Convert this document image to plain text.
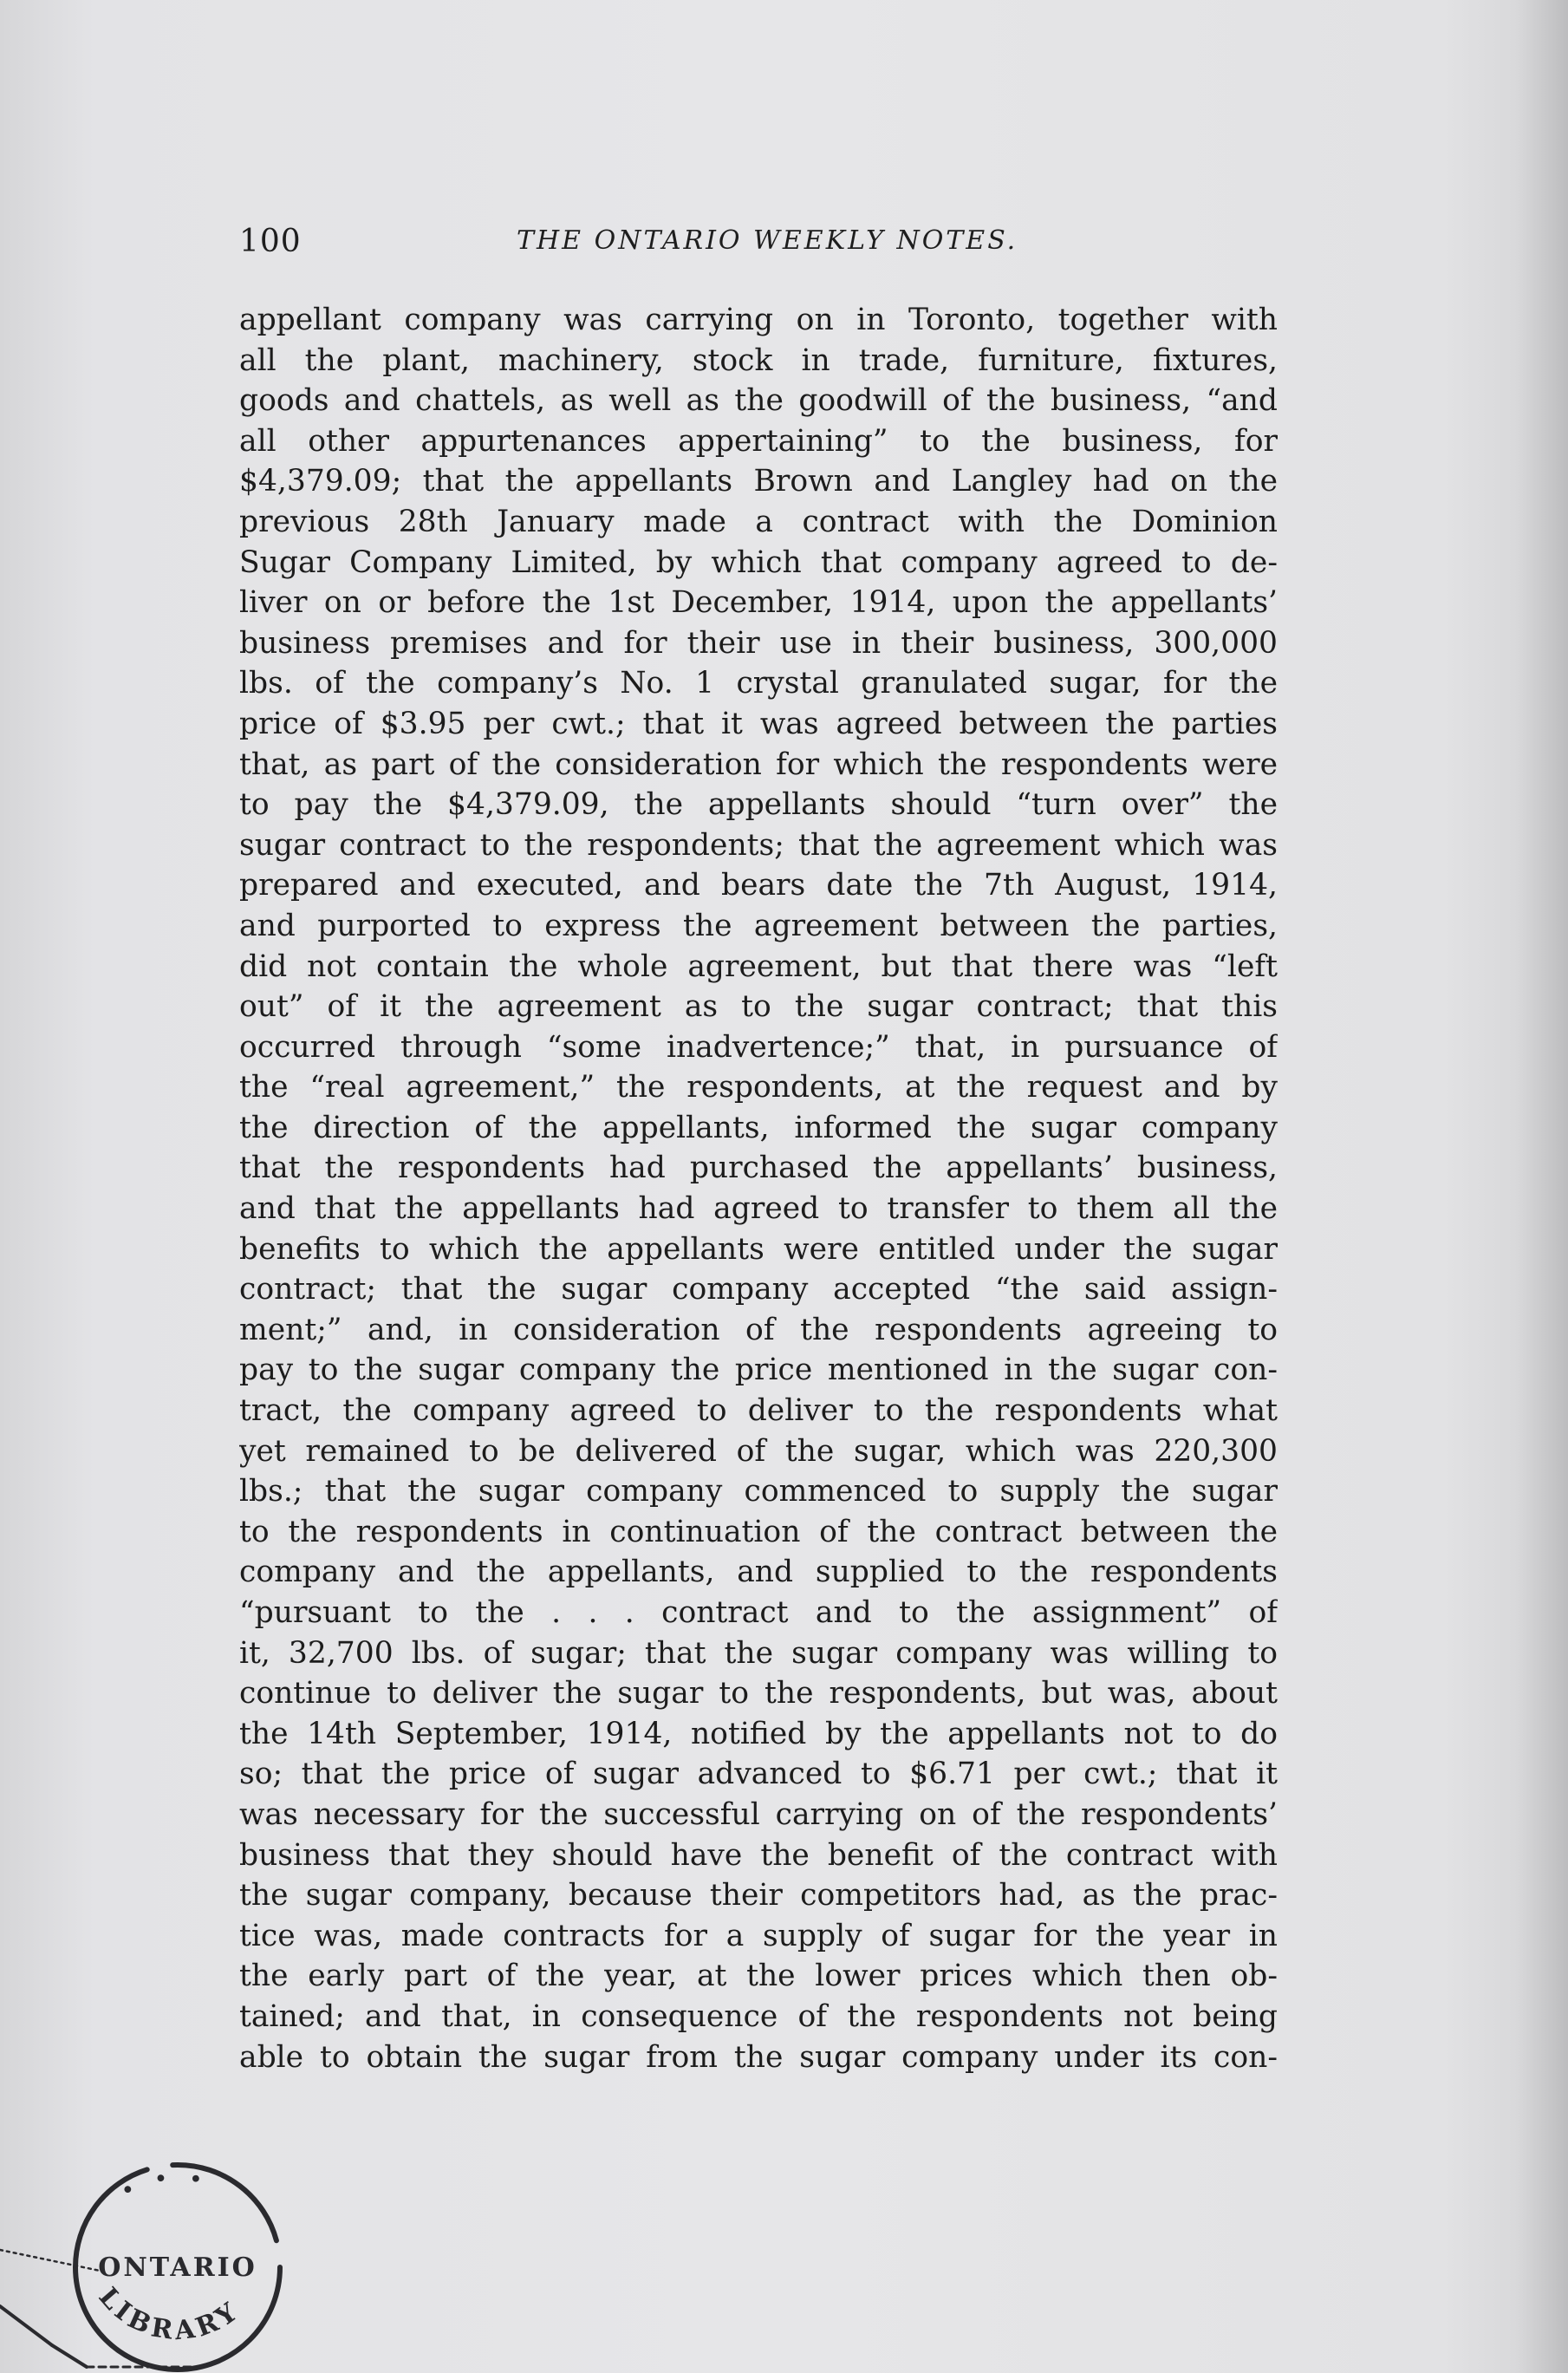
100	THE ONTARIO WEEKLY NOTES.
appellant company was carrying on in Toronto, together with
all the plant, machinery, stock in trade, furniture, fixtures,
goods and chattels, as well as the goodwill of the business, “and
all other appurtenances appertaining” to the business, for
$4,379.09; that the appellants Brown and Langley had on the
previous 28th January made a contract with the Dominion
Sugar Company Limited, by which that company agreed to de-
liver on or before the 1st December, 1914, upon the appellants’
business premises and for their use in their business, 300,000
lbs. of the company’s No. 1 crystal granulated sugar, for the
price of $3.95 per cwt.; that it was agreed between the parties
that, as part of the consideration for which the respondents were
to pay the $4,379.09, the appellants should “turn over” the
sugar contract to the respondents; that the agreement which was
prepared and executed, and bears date the 7th August, 1914,
and purported to express the agreement between the parties,
did not contain the whole agreement, but that there was “left
out” of it the agreement as to the sugar contract; that this
occurred through “some inadvertence;” that, in pursuance of
the “real agreement,” the respondents, at the request and by
the direction of the appellants, informed the sugar company
that the respondents had purchased the appellants’ business,
and that the appellants had agreed to transfer to them all the
benefits to which the appellants were entitled under the sugar
contract; that the sugar company accepted “the said assign-
ment;” and, in consideration of the respondents agreeing to
pay to the sugar company the price mentioned in the sugar con-
tract, the company agreed to deliver to the respondents what
yet remained to be delivered of the sugar, which was 220,300
lbs.; that the sugar company commenced to supply the sugar
to the respondents in continuation of the contract between the
company and the appellants, and supplied to the respondents
“pursuant to the . . . contract and to the assignment” of
it, 32,700 lbs. of sugar; that the sugar company was willing to
continue to deliver the sugar to the respondents, but was, about
the 14th September, 1914, notified by the appellants not to do
so; that the price of sugar advanced to $6.71 per cwt.; that it
was necessary for the successful carrying on of the respondents’
business that they should have the benefit of the contract with
the sugar company, because their competitors had, as the prac-
tice was, made contracts for a supply of sugar for the year in
the early part of the year, at the lower prices which then ob-
tained; and that, in consequence of the respondents not being
able to obtain the sugar from the sugar company under its con-
• • •
ONTARIO
LIBRARY
